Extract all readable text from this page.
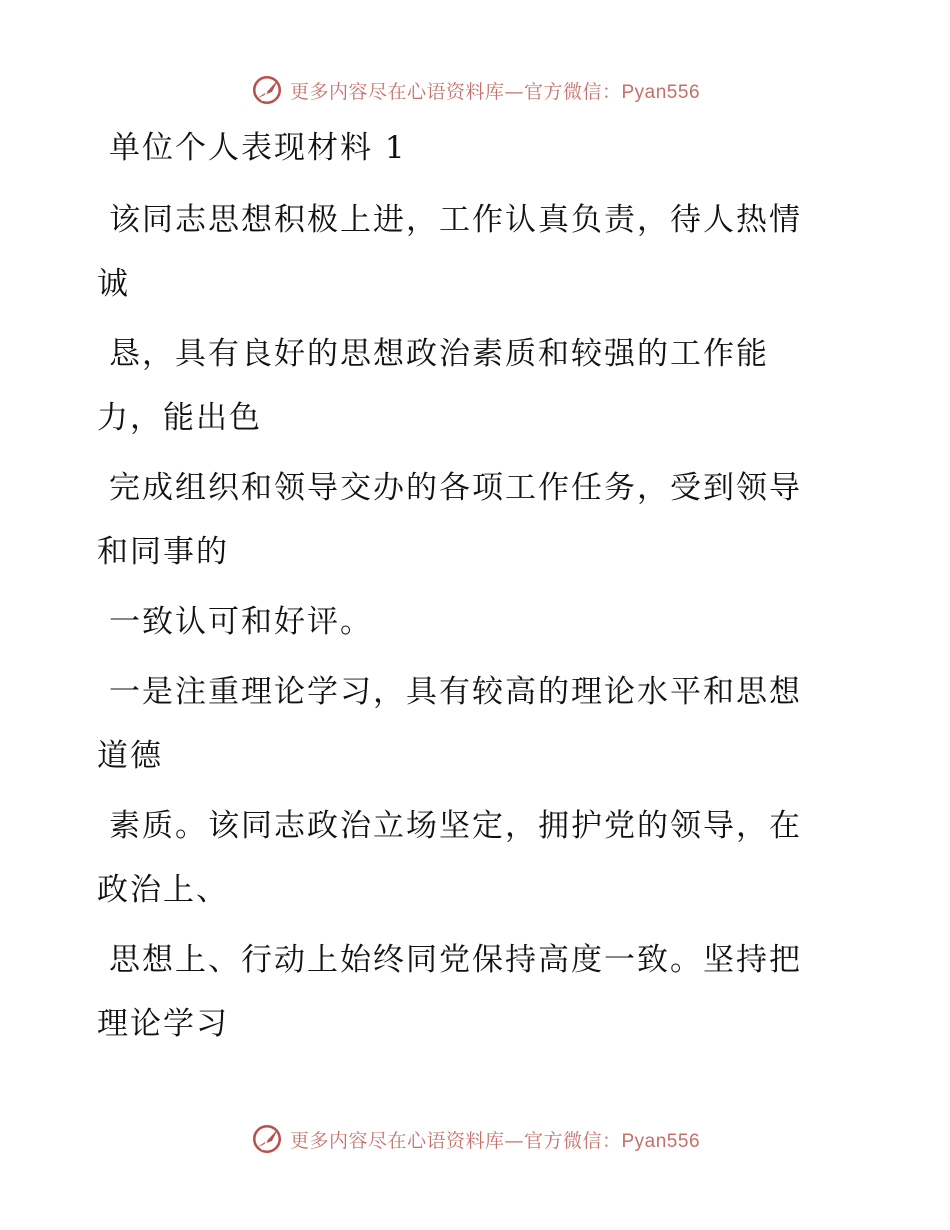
更多内容尽在心语资料库—官方微信：Pyan556
单位个人表现材料 1
该同志思想积极上进，工作认真负责，待人热情
诚
恳，具有良好的思想政治素质和较强的工作能
力，能出色
完成组织和领导交办的各项工作任务，受到领导
和同事的
一致认可和好评。
一是注重理论学习，具有较高的理论水平和思想
道德
素质。该同志政治立场坚定，拥护党的领导，在
政治上、
思想上、行动上始终同党保持高度一致。坚持把
理论学习
更多内容尽在心语资料库—官方微信：Pyan556
